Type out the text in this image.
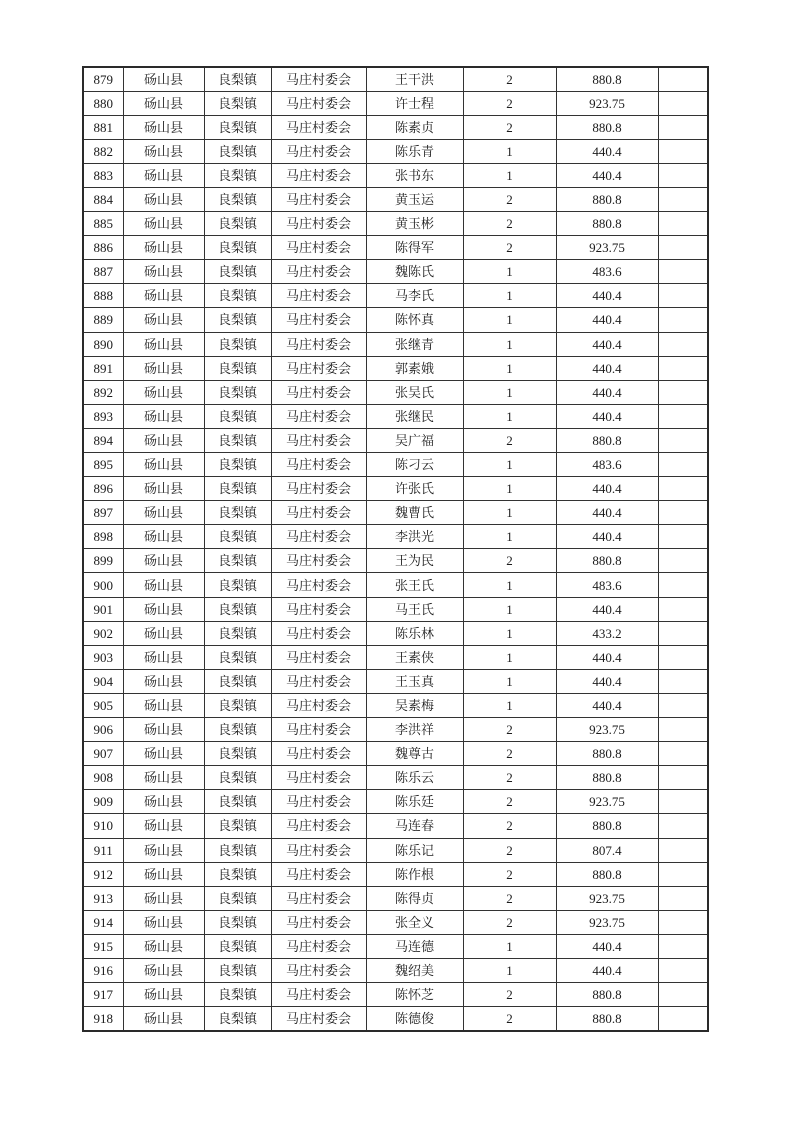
879	砀山县	良梨镇	马庄村委会	王干洪	2	880.8	
880	砀山县	良梨镇	马庄村委会	许士程	2	923.75	
881	砀山县	良梨镇	马庄村委会	陈素贞	2	880.8	
882	砀山县	良梨镇	马庄村委会	陈乐青	1	440.4	
883	砀山县	良梨镇	马庄村委会	张书东	1	440.4	
884	砀山县	良梨镇	马庄村委会	黄玉运	2	880.8	
885	砀山县	良梨镇	马庄村委会	黄玉彬	2	880.8	
886	砀山县	良梨镇	马庄村委会	陈得军	2	923.75	
887	砀山县	良梨镇	马庄村委会	魏陈氏	1	483.6	
888	砀山县	良梨镇	马庄村委会	马李氏	1	440.4	
889	砀山县	良梨镇	马庄村委会	陈怀真	1	440.4	
890	砀山县	良梨镇	马庄村委会	张继青	1	440.4	
891	砀山县	良梨镇	马庄村委会	郭素娥	1	440.4	
892	砀山县	良梨镇	马庄村委会	张吴氏	1	440.4	
893	砀山县	良梨镇	马庄村委会	张继民	1	440.4	
894	砀山县	良梨镇	马庄村委会	吴广福	2	880.8	
895	砀山县	良梨镇	马庄村委会	陈刁云	1	483.6	
896	砀山县	良梨镇	马庄村委会	许张氏	1	440.4	
897	砀山县	良梨镇	马庄村委会	魏曹氏	1	440.4	
898	砀山县	良梨镇	马庄村委会	李洪光	1	440.4	
899	砀山县	良梨镇	马庄村委会	王为民	2	880.8	
900	砀山县	良梨镇	马庄村委会	张王氏	1	483.6	
901	砀山县	良梨镇	马庄村委会	马王氏	1	440.4	
902	砀山县	良梨镇	马庄村委会	陈乐林	1	433.2	
903	砀山县	良梨镇	马庄村委会	王素侠	1	440.4	
904	砀山县	良梨镇	马庄村委会	王玉真	1	440.4	
905	砀山县	良梨镇	马庄村委会	吴素梅	1	440.4	
906	砀山县	良梨镇	马庄村委会	李洪祥	2	923.75	
907	砀山县	良梨镇	马庄村委会	魏尊古	2	880.8	
908	砀山县	良梨镇	马庄村委会	陈乐云	2	880.8	
909	砀山县	良梨镇	马庄村委会	陈乐廷	2	923.75	
910	砀山县	良梨镇	马庄村委会	马连春	2	880.8	
911	砀山县	良梨镇	马庄村委会	陈乐记	2	807.4	
912	砀山县	良梨镇	马庄村委会	陈作根	2	880.8	
913	砀山县	良梨镇	马庄村委会	陈得贞	2	923.75	
914	砀山县	良梨镇	马庄村委会	张全义	2	923.75	
915	砀山县	良梨镇	马庄村委会	马连德	1	440.4	
916	砀山县	良梨镇	马庄村委会	魏绍美	1	440.4	
917	砀山县	良梨镇	马庄村委会	陈怀芝	2	880.8	
918	砀山县	良梨镇	马庄村委会	陈德俊	2	880.8	
